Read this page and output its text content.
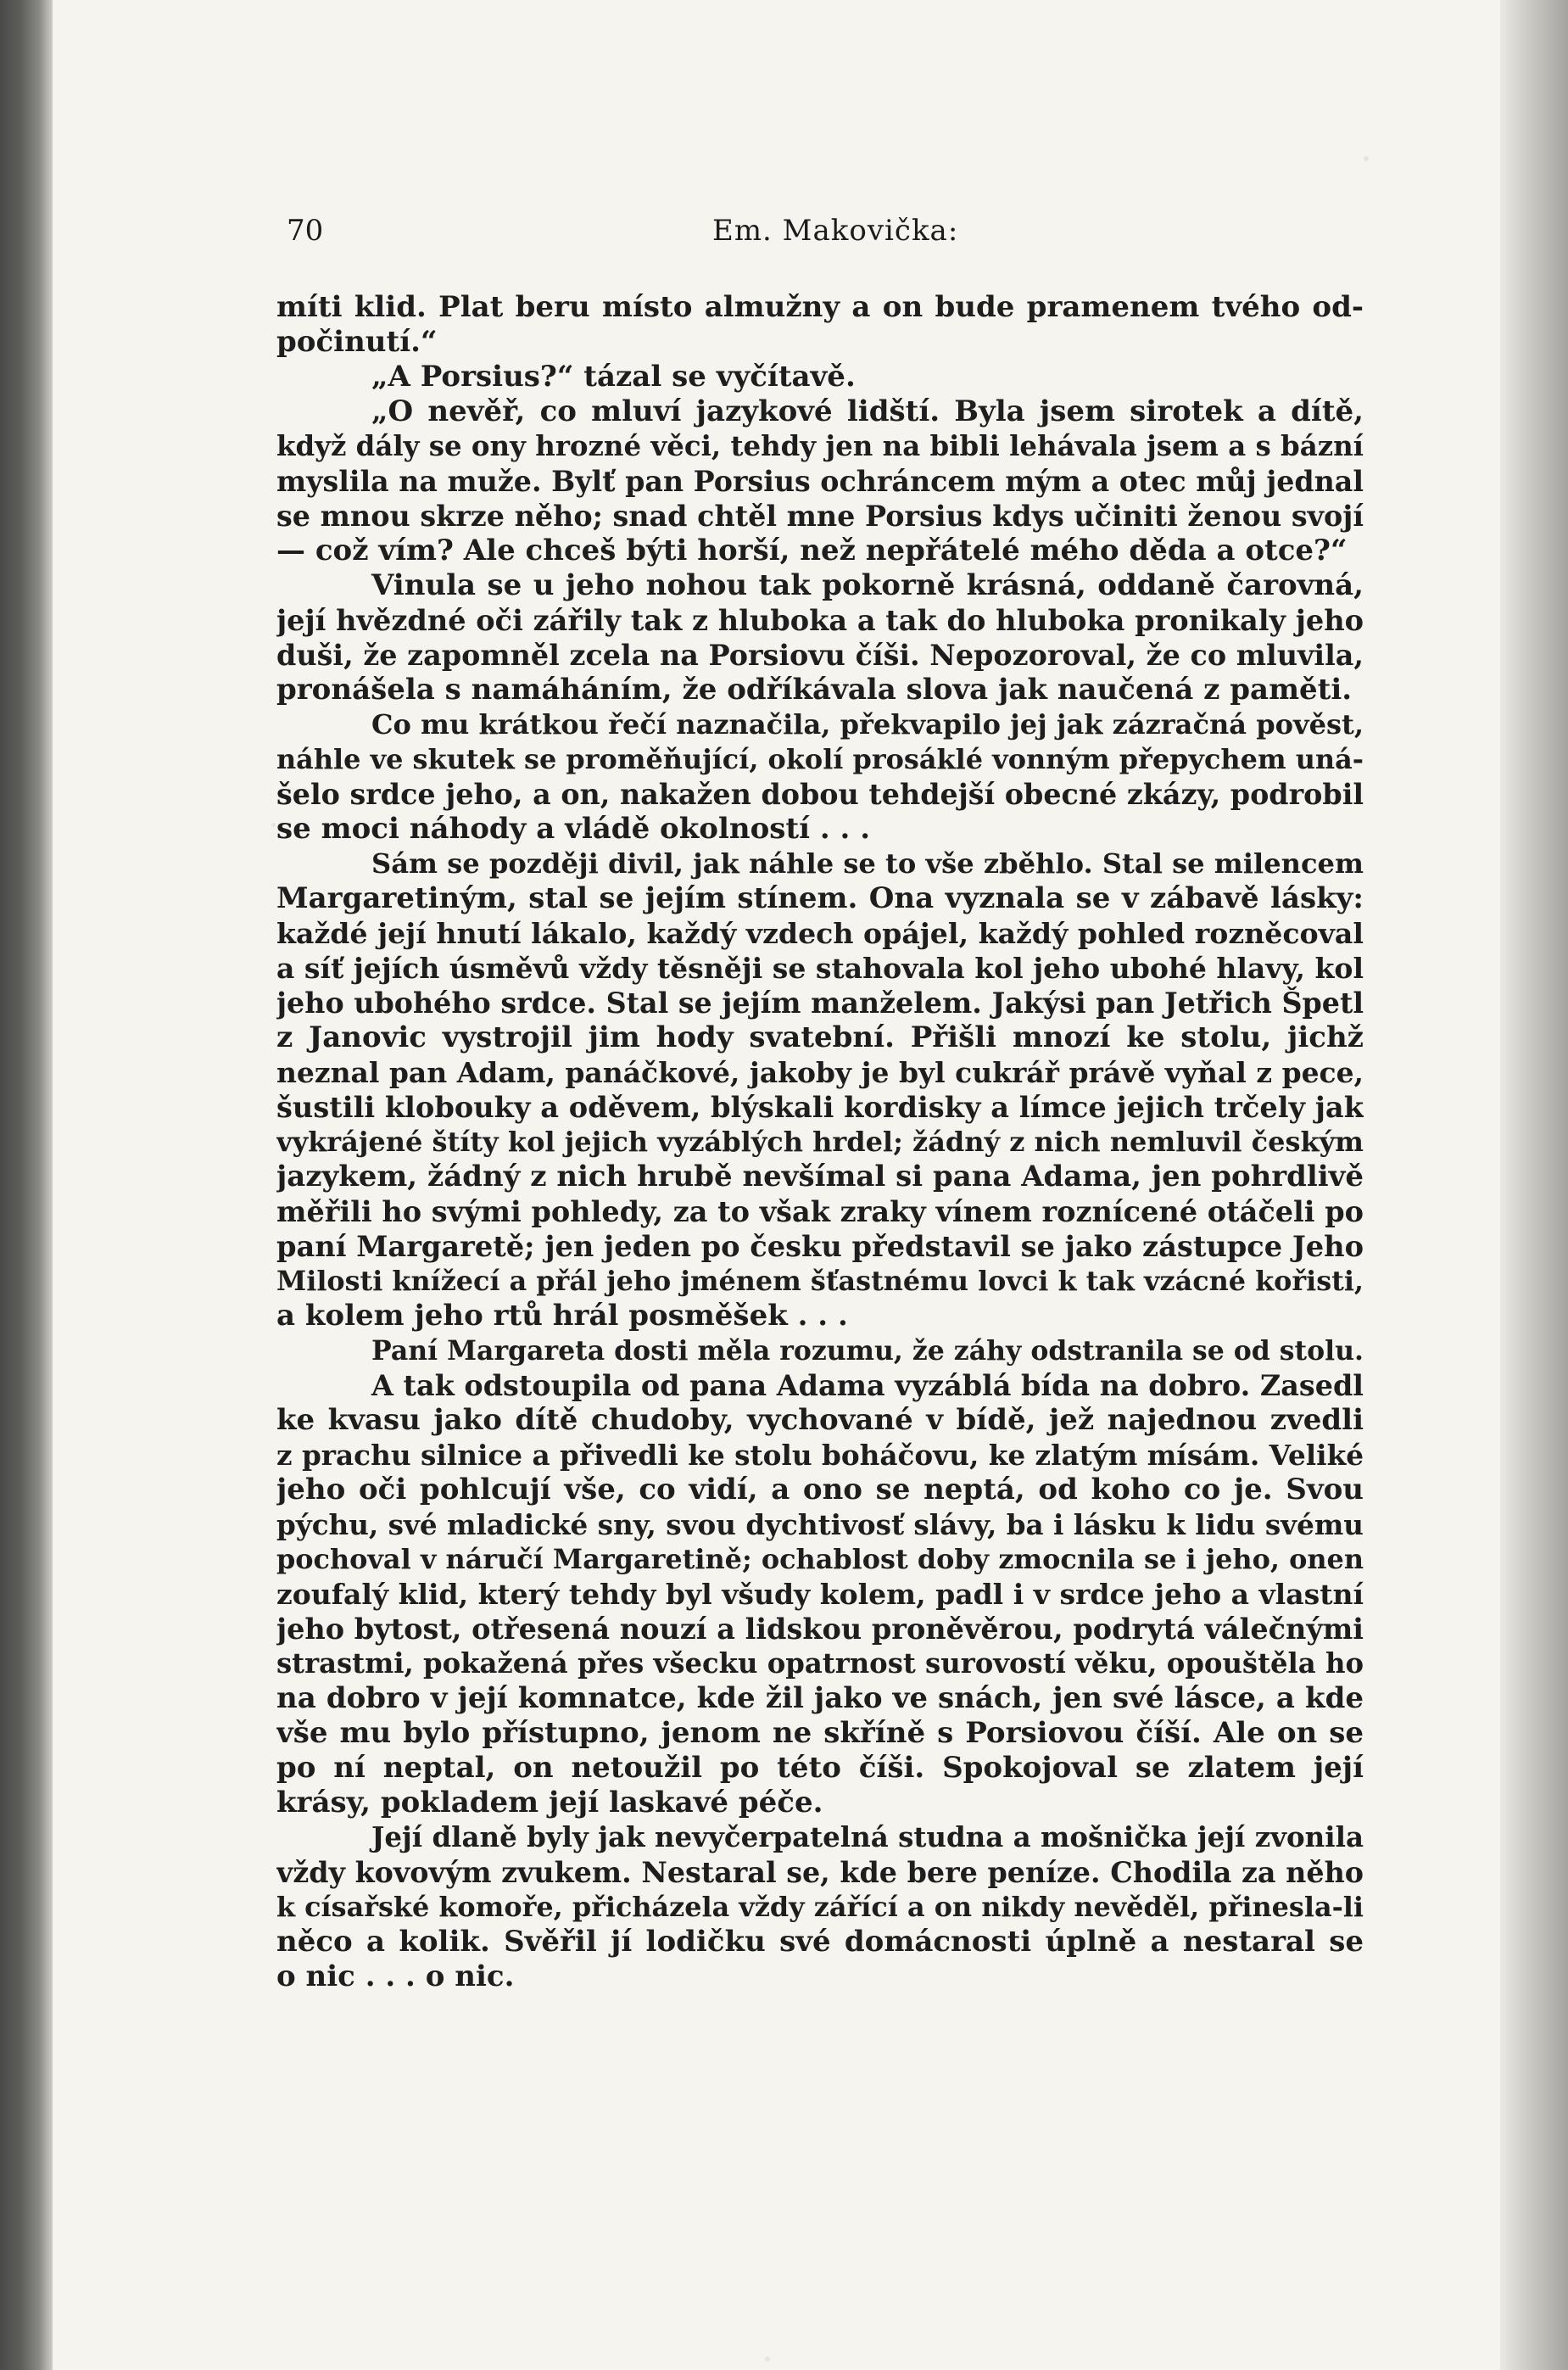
70	Em. Makovička:
míti klid. Plat beru místo almužny a on bude pramenem tvého od-
počinutí.“
„A Porsius?“ tázal se vyčítavě.
„O nevěř, co mluví jazykové lidští. Byla jsem sirotek a dítě,
když dály se ony hrozné věci, tehdy jen na bibli lehávala jsem a s bázní
myslila na muže. Bylť pan Porsius ochráncem mým a otec můj jednal
se mnou skrze něho; snad chtěl mne Porsius kdys učiniti ženou svojí
— což vím? Ale chceš býti horší, než nepřátelé mého děda a otce?“
Vinula se u jeho nohou tak pokorně krásná, oddaně čarovná,
její hvězdné oči zářily tak z hluboka a tak do hluboka pronikaly jeho
duši, že zapomněl zcela na Porsiovu číši. Nepozoroval, že co mluvila,
pronášela s namáháním, že odříkávala slova jak naučená z paměti.
Co mu krátkou řečí naznačila, překvapilo jej jak zázračná pověst,
náhle ve skutek se proměňující, okolí prosáklé vonným přepychem uná-
šelo srdce jeho, a on, nakažen dobou tehdejší obecné zkázy, podrobil
se moci náhody a vládě okolností . . .
Sám se později divil, jak náhle se to vše zběhlo. Stal se milencem
Margaretiným, stal se jejím stínem. Ona vyznala se v zábavě lásky:
každé její hnutí lákalo, každý vzdech opájel, každý pohled rozněcoval
a síť jejích úsměvů vždy těsněji se stahovala kol jeho ubohé hlavy, kol
jeho ubohého srdce. Stal se jejím manželem. Jakýsi pan Jetřich Špetl
z Janovic vystrojil jim hody svatební. Přišli mnozí ke stolu, jichž
neznal pan Adam, panáčkové, jakoby je byl cukrář právě vyňal z pece,
šustili klobouky a oděvem, blýskali kordisky a límce jejich trčely jak
vykrájené štíty kol jejich vyzáblých hrdel; žádný z nich nemluvil českým
jazykem, žádný z nich hrubě nevšímal si pana Adama, jen pohrdlivě
měřili ho svými pohledy, za to však zraky vínem roznícené otáčeli po
paní Margaretě; jen jeden po česku představil se jako zástupce Jeho
Milosti knížecí a přál jeho jménem šťastnému lovci k tak vzácné kořisti,
a kolem jeho rtů hrál posměšek . . .
Paní Margareta dosti měla rozumu, že záhy odstranila se od stolu.
A tak odstoupila od pana Adama vyzáblá bída na dobro. Zasedl
ke kvasu jako dítě chudoby, vychované v bídě, jež najednou zvedli
z prachu silnice a přivedli ke stolu boháčovu, ke zlatým mísám. Veliké
jeho oči pohlcují vše, co vidí, a ono se neptá, od koho co je. Svou
pýchu, své mladické sny, svou dychtivosť slávy, ba i lásku k lidu svému
pochoval v náručí Margaretině; ochablost doby zmocnila se i jeho, onen
zoufalý klid, který tehdy byl všudy kolem, padl i v srdce jeho a vlastní
jeho bytost, otřesená nouzí a lidskou proněvěrou, podrytá válečnými
strastmi, pokažená přes všecku opatrnost surovostí věku, opouštěla ho
na dobro v její komnatce, kde žil jako ve snách, jen své lásce, a kde
vše mu bylo přístupno, jenom ne skříně s Porsiovou číší. Ale on se
po ní neptal, on netoužil po této číši. Spokojoval se zlatem její
krásy, pokladem její laskavé péče.
Její dlaně byly jak nevyčerpatelná studna a mošnička její zvonila
vždy kovovým zvukem. Nestaral se, kde bere peníze. Chodila za něho
k císařské komoře, přicházela vždy zářící a on nikdy nevěděl, přinesla-li
něco a kolik. Svěřil jí lodičku své domácnosti úplně a nestaral se
o nic . . . o nic.
